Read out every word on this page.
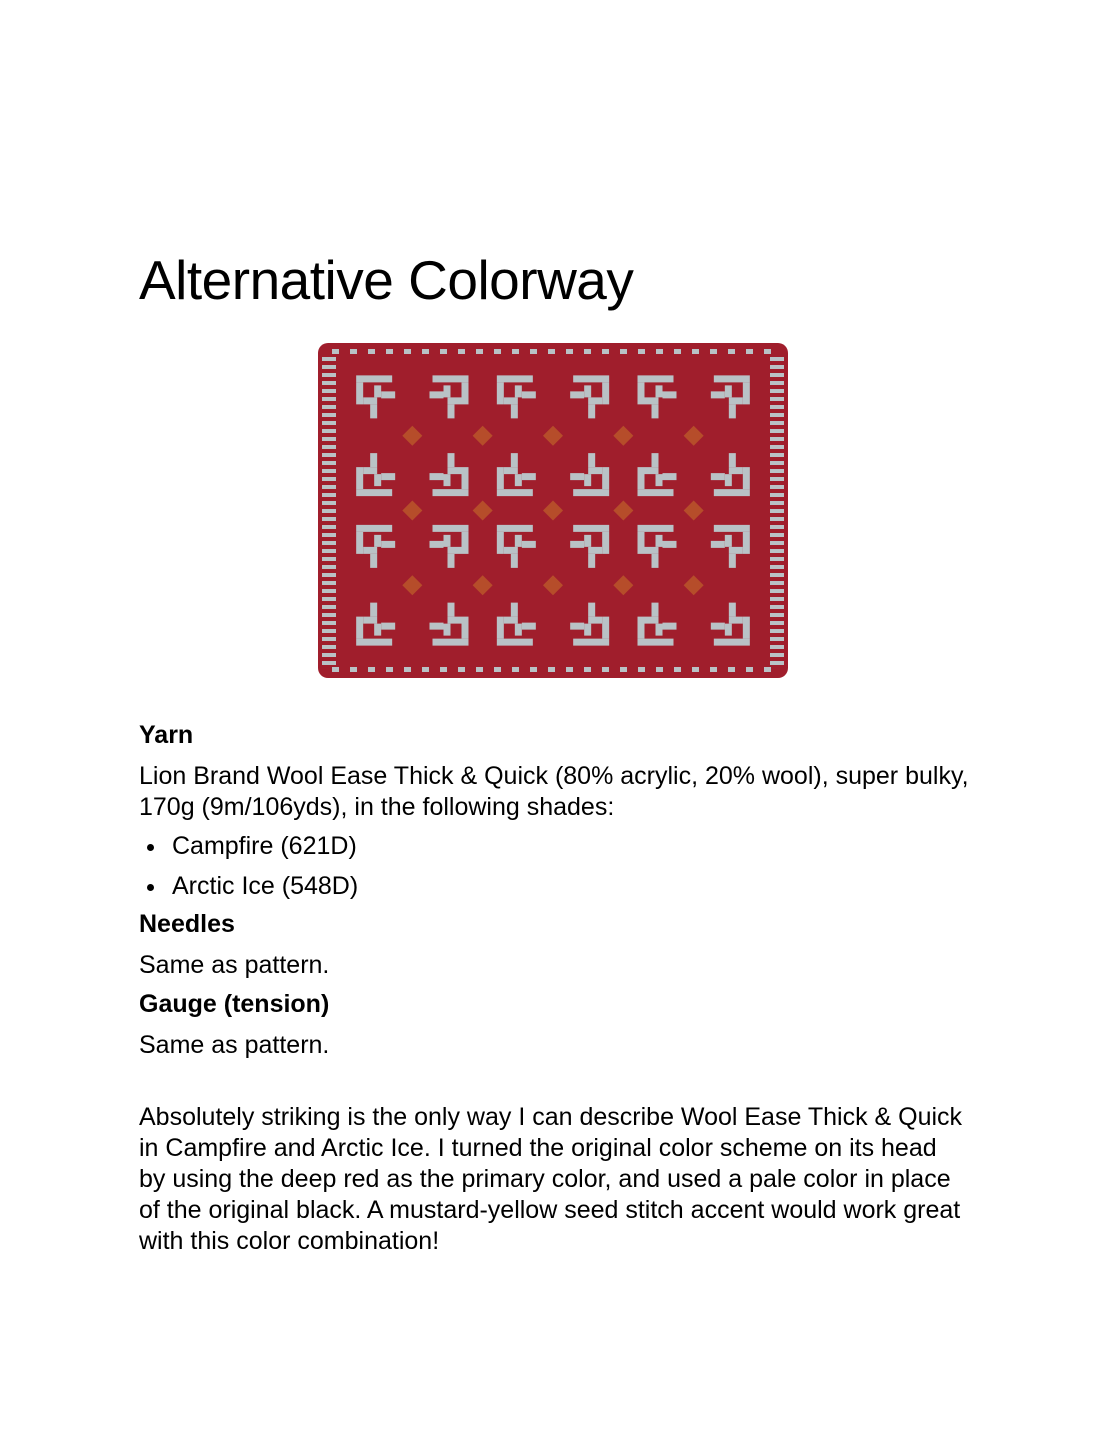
Alternative Colorway
Yarn

Lion Brand Wool Ease Thick & Quick (80% acrylic, 20% wool), super bulky, 170g (9m/106yds), in the following shades:

Campfire (621D)
Arctic Ice (548D)
Needles

Same as pattern.

Gauge (tension)

Same as pattern.

Absolutely striking is the only way I can describe Wool Ease Thick & Quick in Campfire and Arctic Ice. I turned the original color scheme on its head by using the deep red as the primary color, and used a pale color in place of the original black. A mustard-yellow seed stitch accent would work great with this color combination!
